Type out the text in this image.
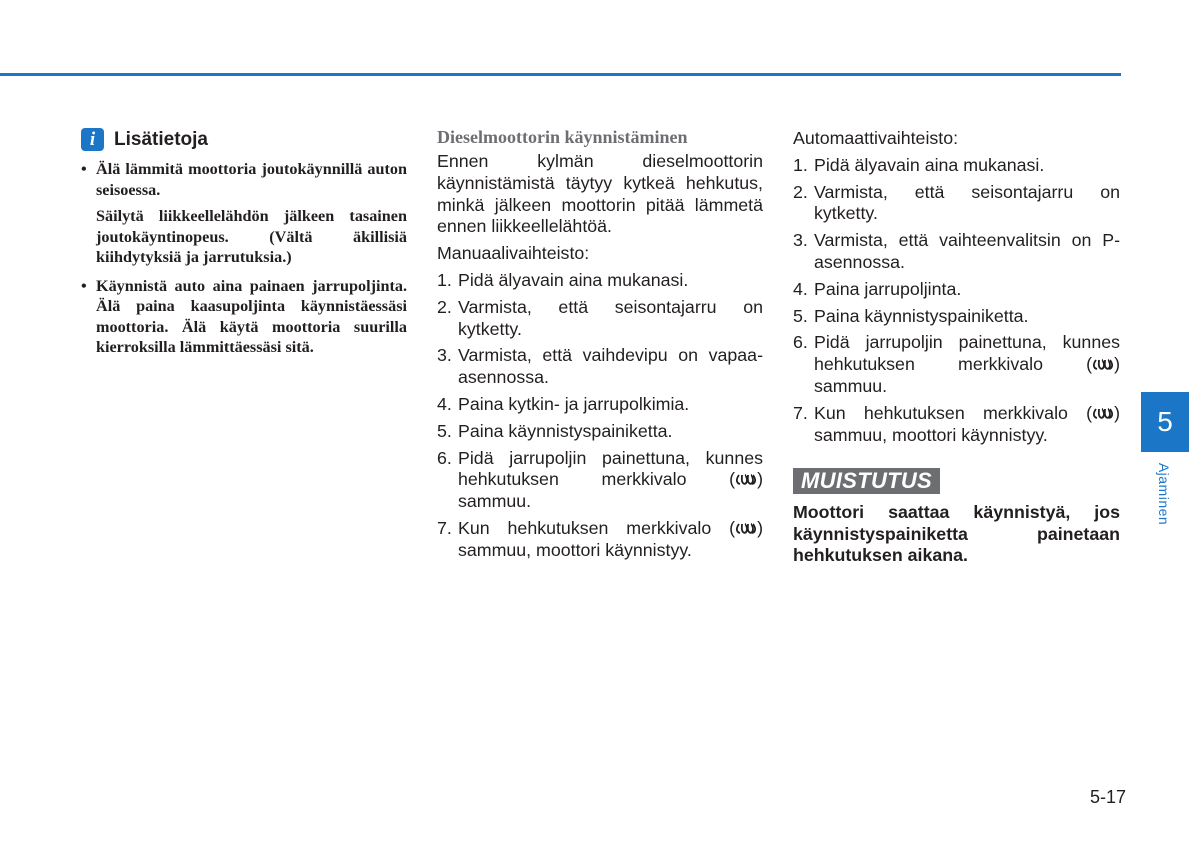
i Lisätietoja
• Älä lämmitä moottoria joutokäynnillä auton seisoessa.

Säilytä liikkeellelähdön jälkeen tasainen joutokäyntinopeus. (Vältä äkillisiä kiihdytyksiä ja jarrutuksia.)

• Käynnistä auto aina painaen jarrupoljinta. Älä paina kaasupoljinta käynnistäessäsi moottoria. Älä käytä moottoria suurilla kierroksilla lämmittäessäsi sitä.

Dieselmoottorin käynnistäminen

Ennen kylmän dieselmoottorin käynnistämistä täytyy kytkeä hehkutus, minkä jälkeen moottorin pitää lämmetä ennen liikkeellelähtöä.

Manuaalivaihteisto:

1. Pidä älyavain aina mukanasi.
2. Varmista, että seisontajarru on kytketty.
3. Varmista, että vaihdevipu on vapaa-asennossa.
4. Paina kytkin- ja jarrupolkimia.
5. Paina käynnistyspainiketta.
6. Pidä jarrupoljin painettuna, kunnes hehkutuksen merkkivalo ( ) sammuu.
7. Kun hehkutuksen merkkivalo ( ) sammuu, moottori käynnistyy.

Automaattivaihteisto:

1. Pidä älyavain aina mukanasi.
2. Varmista, että seisontajarru on kytketty.
3. Varmista, että vaihteenvalitsin on P-asennossa.
4. Paina jarrupoljinta.
5. Paina käynnistyspainiketta.
6. Pidä jarrupoljin painettuna, kunnes hehkutuksen merkkivalo ( ) sammuu.
7. Kun hehkutuksen merkkivalo ( ) sammuu, moottori käynnistyy.
MUISTUTUS
Moottori saattaa käynnistyä, jos käynnistyspainiketta painetaan hehkutuksen aikana.
5
Ajaminen
5-17
